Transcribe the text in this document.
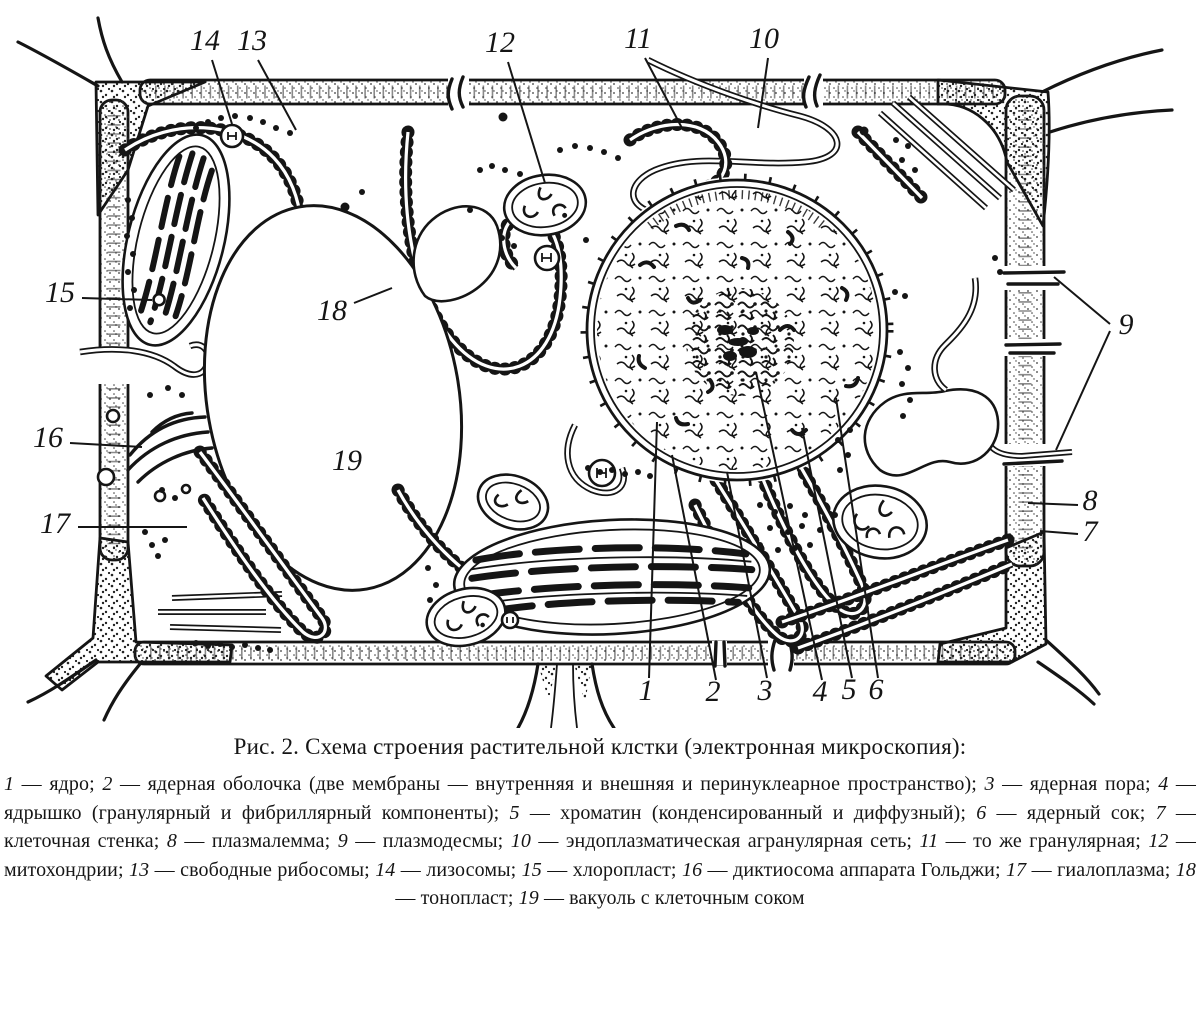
14 13	12	11	10
9
8
7
15
16
17
18
19
1 2 3 4 5 6
Рис. 2. Схема строения растительной клстки (электронная микроскопия):

1 — ядро; 2 — ядерная оболочка (две мембраны — внутренняя и внешняя и перинуклеарное пространство); 3 — ядерная пора; 4 — ядрышко (гранулярный и фибриллярный компоненты); 5 — хроматин (конденсированный и диффузный); 6 — ядерный сок; 7 — клеточная стенка; 8 — плазмалемма; 9 — плазмодесмы; 10 — эндоплазматическая агранулярная сеть; 11 — то же гранулярная; 12 — митохондрии; 13 — свободные рибосомы; 14 — лизосомы; 15 — хлоропласт; 16 — диктиосома аппарата Гольджи; 17 — гиалоплазма; 18 — тонопласт; 19 — вакуоль с клеточным соком
